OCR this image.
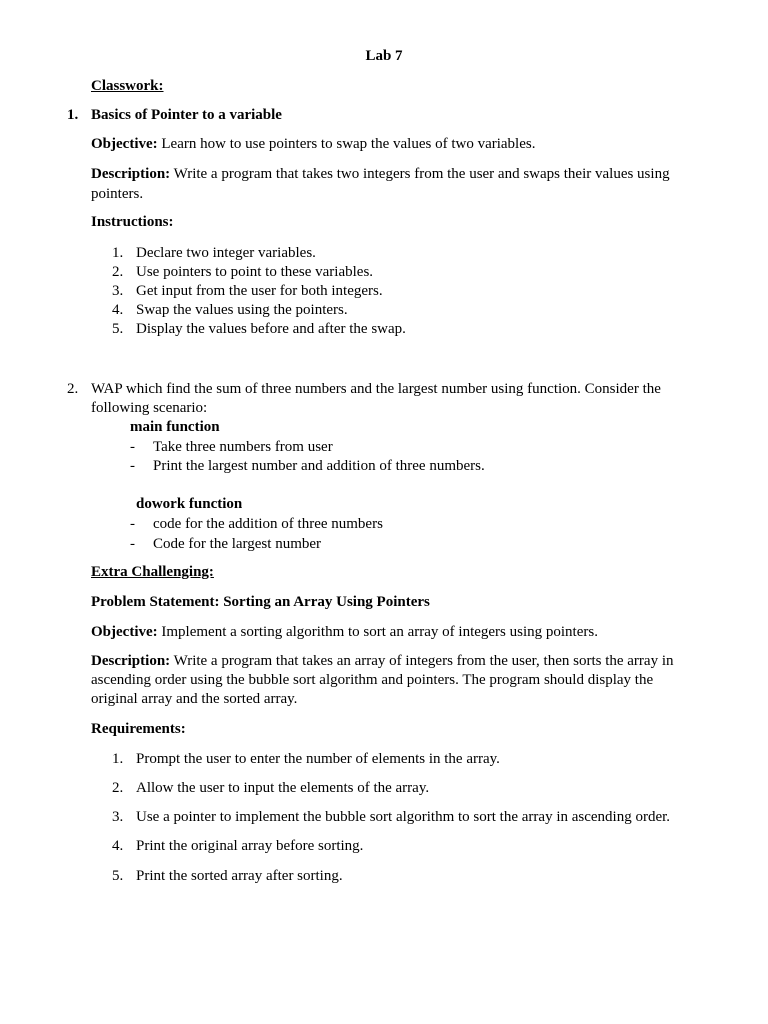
Lab 7
Classwork:
1. Basics of Pointer to a variable
Objective: Learn how to use pointers to swap the values of two variables.
Description: Write a program that takes two integers from the user and swaps their values using
pointers.
Instructions:
1. Declare two integer variables.
2. Use pointers to point to these variables.
3. Get input from the user for both integers.
4. Swap the values using the pointers.
5. Display the values before and after the swap.
2. WAP which find the sum of three numbers and the largest number using function. Consider the
following scenario:
main function
- Take three numbers from user
- Print the largest number and addition of three numbers.
dowork function
- code for the addition of three numbers
- Code for the largest number
Extra Challenging:
Problem Statement: Sorting an Array Using Pointers
Objective: Implement a sorting algorithm to sort an array of integers using pointers.
Description: Write a program that takes an array of integers from the user, then sorts the array in
ascending order using the bubble sort algorithm and pointers. The program should display the
original array and the sorted array.
Requirements:
1. Prompt the user to enter the number of elements in the array.
2. Allow the user to input the elements of the array.
3. Use a pointer to implement the bubble sort algorithm to sort the array in ascending order.
4. Print the original array before sorting.
5. Print the sorted array after sorting.
